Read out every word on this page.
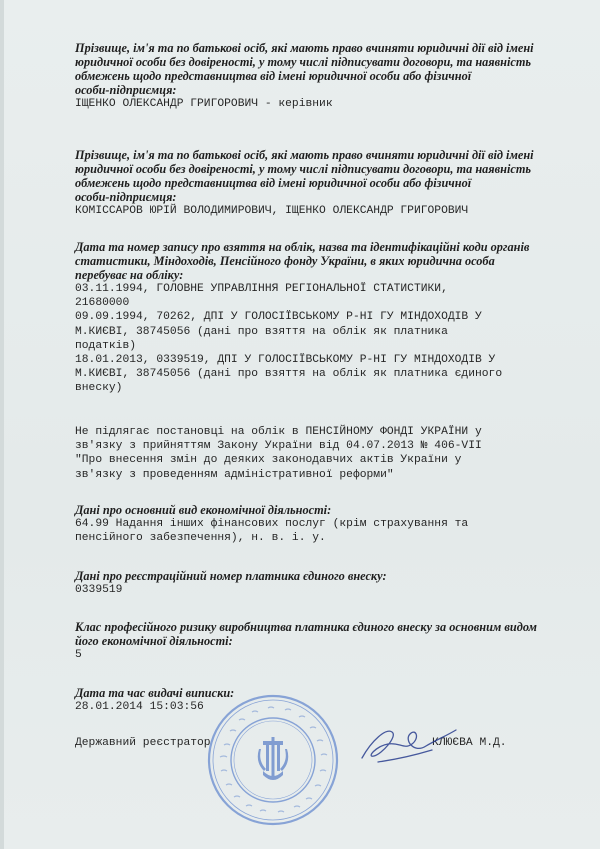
Прізвище, ім'я та по батькові осіб, які мають право вчиняти юридичні дії від імені
юридичної особи без довіреності, у тому числі підписувати договори, та наявність
обмежень щодо представництва від імені юридичної особи або фізичної
особи-підприємця:

ІЩЕНКО ОЛЕКСАНДР ГРИГОРОВИЧ - керівник

Прізвище, ім'я та по батькові осіб, які мають право вчиняти юридичні дії від імені
юридичної особи без довіреності, у тому числі підписувати договори, та наявність
обмежень щодо представництва від імені юридичної особи або фізичної
особи-підприємця:

КОМІССАРОВ ЮРІЙ ВОЛОДИМИРОВИЧ, ІЩЕНКО ОЛЕКСАНДР ГРИГОРОВИЧ

Дата та номер запису про взяття на облік, назва та ідентифікаційні коди органів
статистики, Міндоходів, Пенсійного фонду України, в яких юридична особа
перебуває на обліку:

03.11.1994, ГОЛОВНЕ УПРАВЛІННЯ РЕГІОНАЛЬНОЇ СТАТИСТИКИ,
21680000
09.09.1994, 70262, ДПІ У ГОЛОСІЇВСЬКОМУ Р-НІ ГУ МІНДОХОДІВ У
М.КИЄВІ, 38745056 (дані про взяття на облік як платника
податків)
18.01.2013, 0339519, ДПІ У ГОЛОСІЇВСЬКОМУ Р-НІ ГУ МІНДОХОДІВ У
М.КИЄВІ, 38745056 (дані про взяття на облік як платника єдиного
внеску)

Не підлягає постановці на облік в ПЕНСІЙНОМУ ФОНДІ УКРАЇНИ у
зв'язку з прийняттям Закону України від 04.07.2013 № 406-VII
"Про внесення змін до деяких законодавчих актів України у
зв'язку з проведенням адміністративної реформи"

Дані про основний вид економічної діяльності:

64.99 Надання інших фінансових послуг (крім страхування та
пенсійного забезпечення), н. в. і. у.

Дані про реєстраційний номер платника єдиного внеску:

0339519

Клас професійного ризику виробництва платника єдиного внеску за основним видом
його економічної діяльності:

5

Дата та час видачі виписки:

28.01.2014 15:03:56

Державний реєстратор	КЛЮЄВА М.Д.
